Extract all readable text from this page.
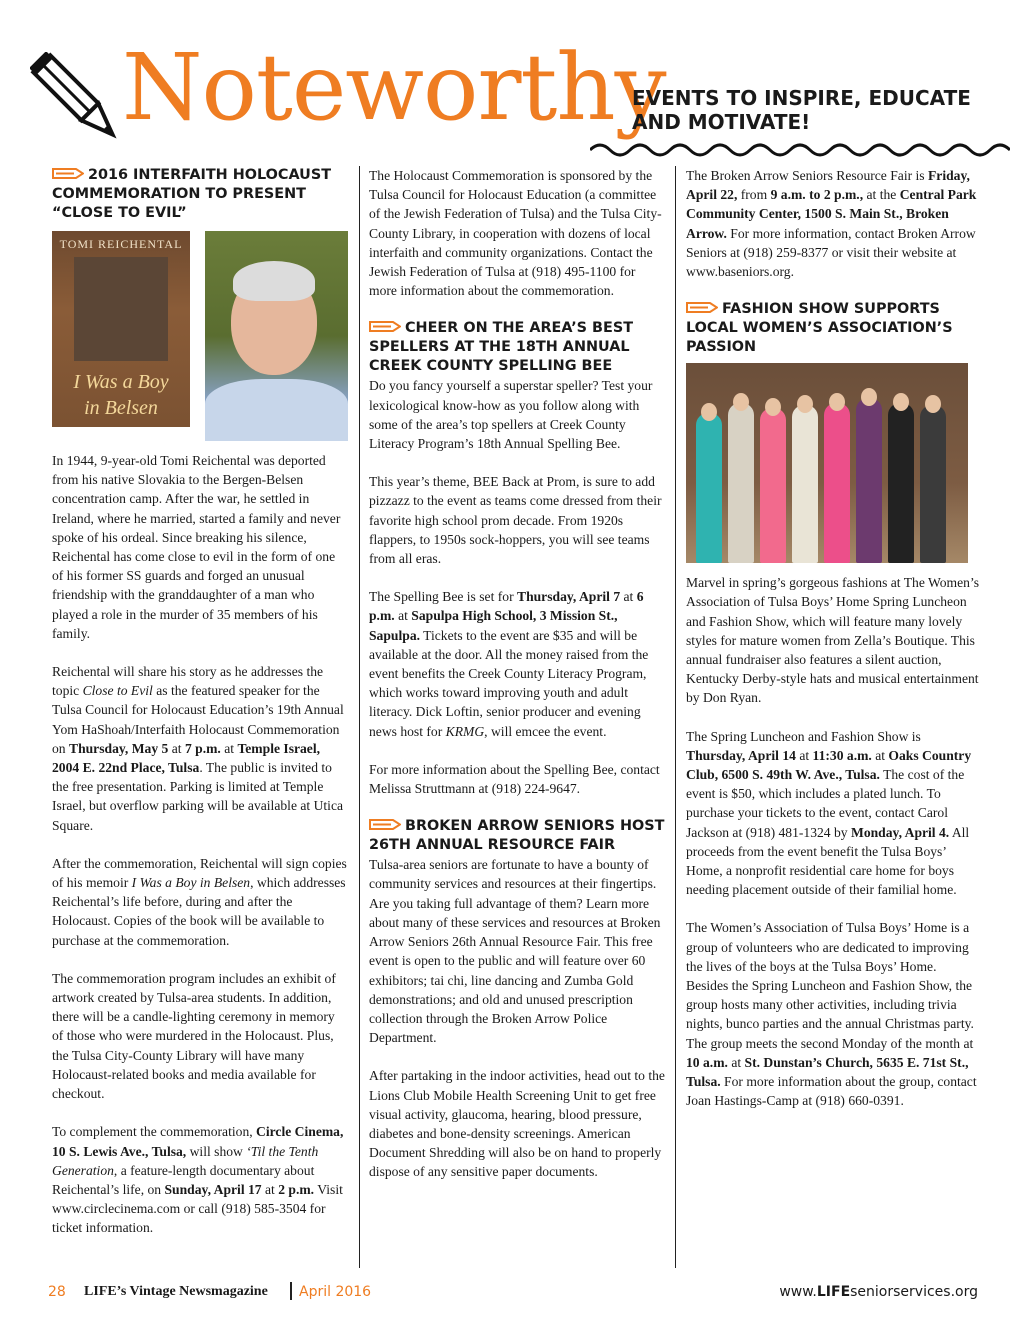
Noteworthy
EVENTS TO INSPIRE, EDUCATE
AND MOTIVATE!
2016 INTERFAITH HOLOCAUST
COMMEMORATION TO PRESENT
“CLOSE TO EVIL”
TOMI REICHENTAL
I Was a Boy
in Belsen

In 1944, 9-year-old Tomi Reichental was deported from his native Slovakia to the Bergen-Belsen concentration camp. After the war, he settled in Ireland, where he married, started a family and never spoke of his ordeal. Since breaking his silence, Reichental has come close to evil in the form of one of his former SS guards and forged an unusual friendship with the granddaughter of a man who played a role in the murder of 35 members of his family.

Reichental will share his story as he addresses the topic Close to Evil as the featured speaker for the Tulsa Council for Holocaust Education’s 19th Annual Yom HaShoah/Interfaith Holocaust Commemoration on Thursday, May 5 at 7 p.m. at Temple Israel, 2004 E. 22nd Place, Tulsa. The public is invited to the free presentation. Parking is limited at Temple Israel, but overflow parking will be available at Utica Square.

After the commemoration, Reichental will sign copies of his memoir I Was a Boy in Belsen, which addresses Reichental’s life before, during and after the Holocaust. Copies of the book will be available to purchase at the commemoration.

The commemoration program includes an exhibit of artwork created by Tulsa-area students. In addition, there will be a candle-lighting ceremony in memory of those who were murdered in the Holocaust. Plus, the Tulsa City-County Library will have many Holocaust-related books and media available for checkout.

To complement the commemoration, Circle Cinema, 10 S. Lewis Ave., Tulsa, will show ‘Til the Tenth Generation, a feature-length documentary about Reichental’s life, on Sunday, April 17 at 2 p.m. Visit www.circlecinema.com or call (918) 585-3504 for ticket information.

The Holocaust Commemoration is sponsored by the Tulsa Council for Holocaust Education (a committee of the Jewish Federation of Tulsa) and the Tulsa City-County Library, in cooperation with dozens of local interfaith and community organizations. Contact the Jewish Federation of Tulsa at (918) 495-1100 for more information about the commemoration.

CHEER ON THE AREA’S BEST
SPELLERS AT THE 18TH ANNUAL
CREEK COUNTY SPELLING BEE

Do you fancy yourself a superstar speller? Test your lexicological know-how as you follow along with some of the area’s top spellers at Creek County Literacy Program’s 18th Annual Spelling Bee.

This year’s theme, BEE Back at Prom, is sure to add pizzazz to the event as teams come dressed from their favorite high school prom decade. From 1920s flappers, to 1950s sock-hoppers, you will see teams from all eras.

The Spelling Bee is set for Thursday, April 7 at 6 p.m. at Sapulpa High School, 3 Mission St., Sapulpa. Tickets to the event are $35 and will be available at the door. All the money raised from the event benefits the Creek County Literacy Program, which works toward improving youth and adult literacy. Dick Loftin, senior producer and evening news host for KRMG, will emcee the event.

For more information about the Spelling Bee, contact Melissa Struttmann at (918) 224-9647.

BROKEN ARROW SENIORS HOST
26TH ANNUAL RESOURCE FAIR

Tulsa-area seniors are fortunate to have a bounty of community services and resources at their fingertips. Are you taking full advantage of them? Learn more about many of these services and resources at Broken Arrow Seniors 26th Annual Resource Fair. This free event is open to the public and will feature over 60 exhibitors; tai chi, line dancing and Zumba Gold demonstrations; and old and unused prescription collection through the Broken Arrow Police Department.

After partaking in the indoor activities, head out to the Lions Club Mobile Health Screening Unit to get free visual activity, glaucoma, hearing, blood pressure, diabetes and bone-density screenings. American Document Shredding will also be on hand to properly dispose of any sensitive paper documents.

The Broken Arrow Seniors Resource Fair is Friday, April 22, from 9 a.m. to 2 p.m., at the Central Park Community Center, 1500 S. Main St., Broken Arrow. For more information, contact Broken Arrow Seniors at (918) 259-8377 or visit their website at www.baseniors.org.

FASHION SHOW SUPPORTS
LOCAL WOMEN’S ASSOCIATION’S
PASSION

Marvel in spring’s gorgeous fashions at The Women’s Association of Tulsa Boys’ Home Spring Luncheon and Fashion Show, which will feature many lovely styles for mature women from Zella’s Boutique. This annual fundraiser also features a silent auction, Kentucky Derby-style hats and musical entertainment by Don Ryan.

The Spring Luncheon and Fashion Show is Thursday, April 14 at 11:30 a.m. at Oaks Country Club, 6500 S. 49th W. Ave., Tulsa. The cost of the event is $50, which includes a plated lunch. To purchase your tickets to the event, contact Carol Jackson at (918) 481-1324 by Monday, April 4. All proceeds from the event benefit the Tulsa Boys’ Home, a nonprofit residential care home for boys needing placement outside of their familial home.

The Women’s Association of Tulsa Boys’ Home is a group of volunteers who are dedicated to improving the lives of the boys at the Tulsa Boys’ Home. Besides the Spring Luncheon and Fashion Show, the group hosts many other activities, including trivia nights, bunco parties and the annual Christmas party. The group meets the second Monday of the month at 10 a.m. at St. Dunstan’s Church, 5635 E. 71st St., Tulsa. For more information about the group, contact Joan Hastings-Camp at (918) 660-0391.

28 LIFE’s Vintage Newsmagazine April 2016	www.LIFEseniorservices.org
